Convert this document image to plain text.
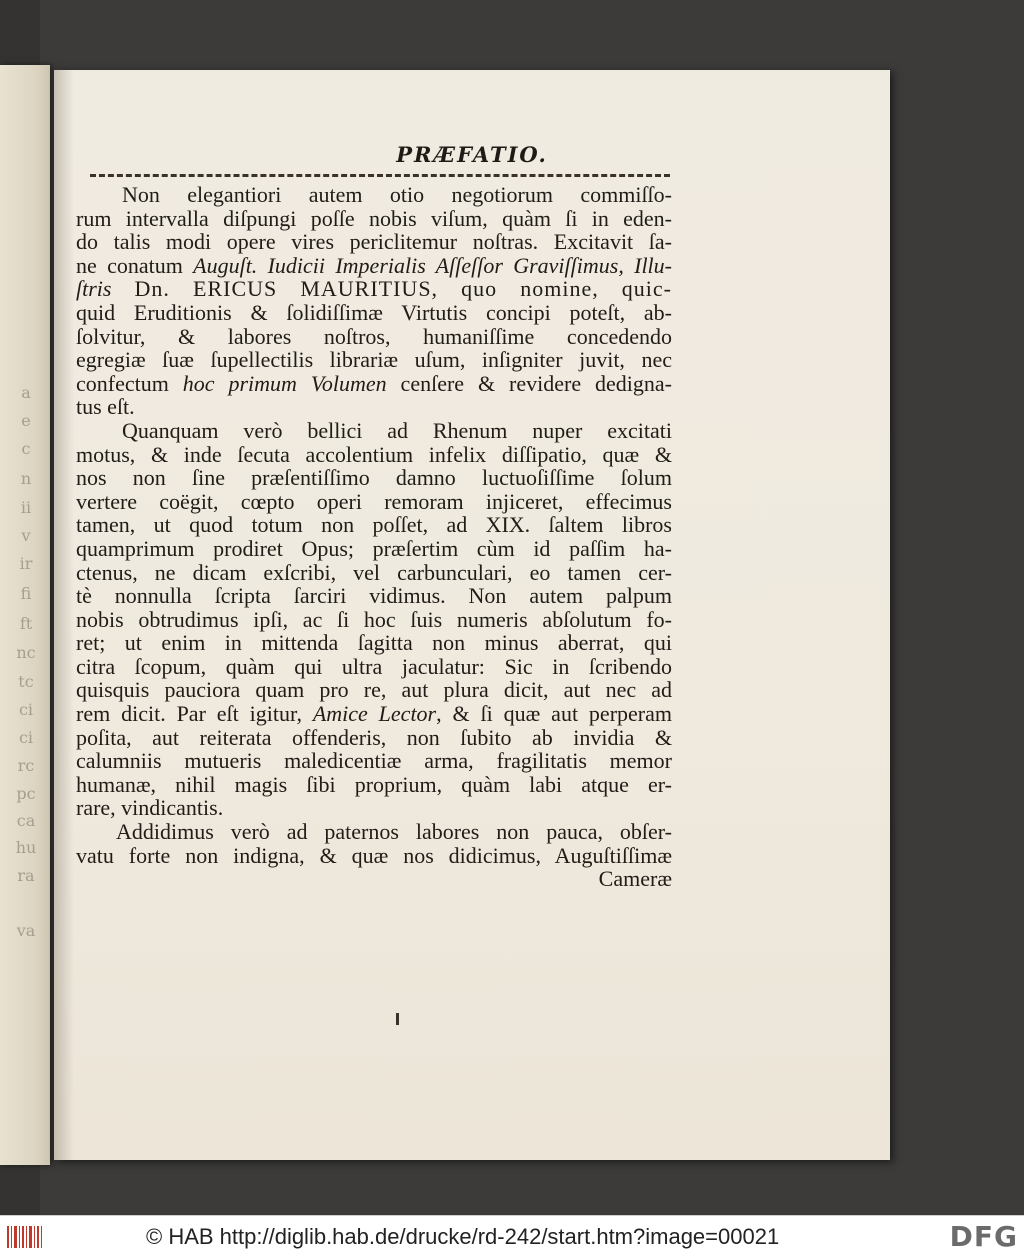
a
e
c
n
ii
v
ir
fi
ft
nc
tc
ci
ci
rc
pc
ca
hu
ra
va
PRÆFATIO.
Non elegantiori autem otio negotiorum commiſſo-
rum intervalla diſpungi poſſe nobis viſum, quàm ſi in eden-
do talis modi opere vires periclitemur noſtras. Excitavit ſa-
ne conatum Auguſt. Iudicii Imperialis Aſſeſſor Graviſſimus, Illu-
ſtris Dn. ERICUS MAURITIUS, quo nomine, quic-
quid Eruditionis & ſolidiſſimæ Virtutis concipi poteſt, ab-
ſolvitur, & labores noſtros, humaniſſime concedendo
egregiæ ſuæ ſupellectilis librariæ uſum, inſigniter juvit, nec
confectum hoc primum Volumen cenſere & revidere dedigna-
tus eſt.
Quanquam verò bellici ad Rhenum nuper excitati
motus, & inde ſecuta accolentium infelix diſſipatio, quæ &
nos non ſine præſentiſſimo damno luctuoſiſſime ſolum
vertere coëgit, cœpto operi remoram injiceret, effecimus
tamen, ut quod totum non poſſet, ad XIX. ſaltem libros
quamprimum prodiret Opus; præſertim cùm id paſſim ha-
ctenus, ne dicam exſcribi, vel carbunculari, eo tamen cer-
tè nonnulla ſcripta ſarciri vidimus. Non autem palpum
nobis obtrudimus ipſi, ac ſi hoc ſuis numeris abſolutum fo-
ret; ut enim in mittenda ſagitta non minus aberrat, qui
citra ſcopum, quàm qui ultra jaculatur: Sic in ſcribendo
quisquis pauciora quam pro re, aut plura dicit, aut nec ad
rem dicit. Par eſt igitur, Amice Lector, & ſi quæ aut perperam
poſita, aut reiterata offenderis, non ſubito ab invidia &
calumniis mutueris maledicentiæ arma, fragilitatis memor
humanæ, nihil magis ſibi proprium, quàm labi atque er-
rare, vindicantis.
Addidimus verò ad paternos labores non pauca, obſer-
vatu forte non indigna, & quæ nos didicimus, Auguſtiſſimæ
Cameræ
© HAB http://diglib.hab.de/drucke/rd-242/start.htm?image=00021	DFG
